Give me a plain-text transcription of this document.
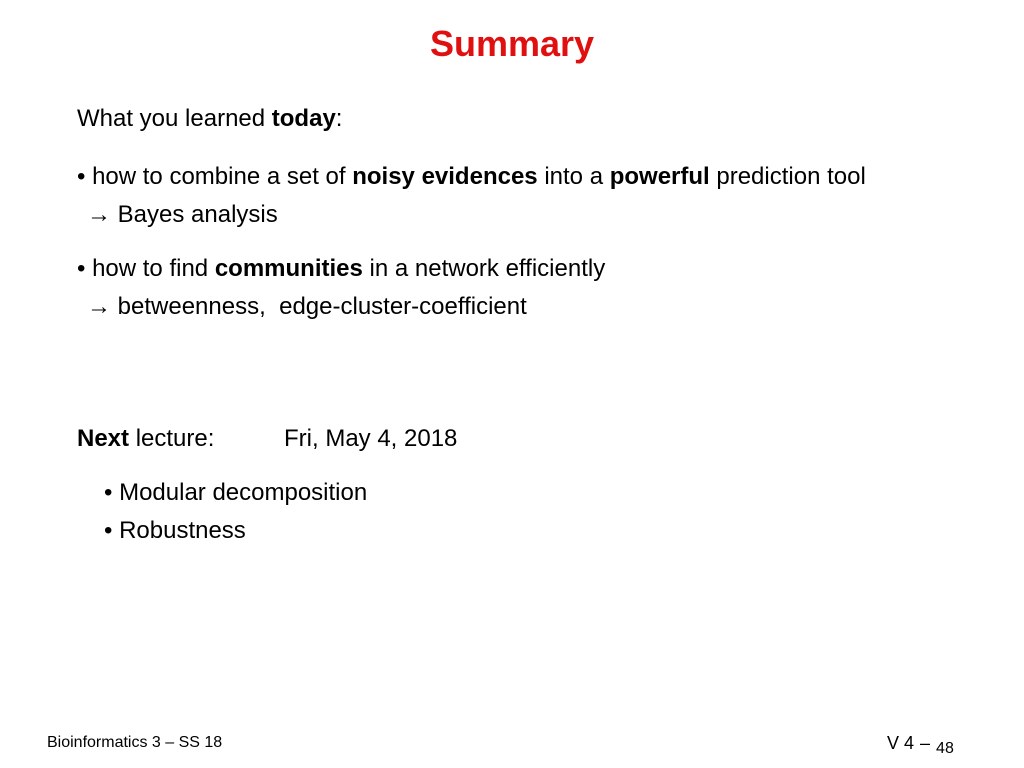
Summary
What you learned today:
• how to combine a set of noisy evidences into a powerful prediction tool
→ Bayes analysis
• how to find communities in a network efficiently
→ betweenness,  edge-cluster-coefficient
Next lecture:	Fri, May 4, 2018
• Modular decomposition
• Robustness
Bioinformatics 3 – SS 18	V 4 – 48
